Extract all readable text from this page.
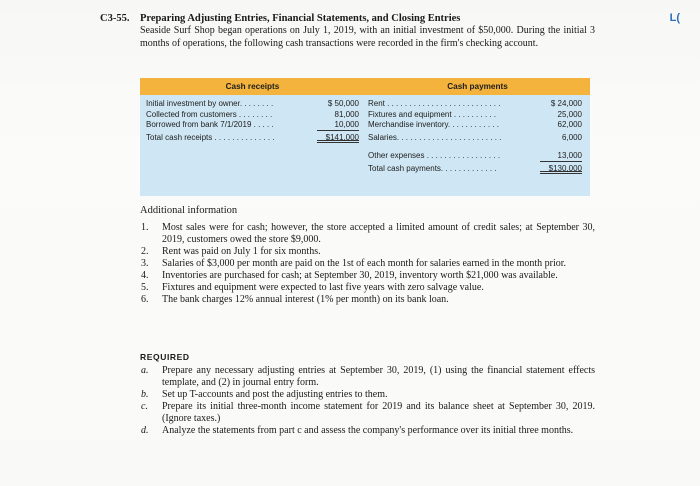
L(
C3-55. Preparing Adjusting Entries, Financial Statements, and Closing Entries
Seaside Surf Shop began operations on July 1, 2019, with an initial investment of $50,000. During the initial 3 months of operations, the following cash transactions were recorded in the firm's checking account.
Cash receipts	Cash payments
Initial investment by owner. . . . . . . .	$ 50,000
Collected from customers . . . . . . . .	81,000
Borrowed from bank 7/1/2019 . . . . .	10,000
Total cash receipts . . . . . . . . . . . . . .	$141,000
Rent . . . . . . . . . . . . . . . . . . . . . . . . . .	$ 24,000
Fixtures and equipment . . . . . . . . . .	25,000
Merchandise inventory. . . . . . . . . . . .	62,000
Salaries. . . . . . . . . . . . . . . . . . . . . . . .	6,000
Other expenses . . . . . . . . . . . . . . . . .	13,000
Total cash payments. . . . . . . . . . . . .	$130,000
Additional information
1.	Most sales were for cash; however, the store accepted a limited amount of credit sales; at September 30, 2019, customers owed the store $9,000.
2.	Rent was paid on July 1 for six months.
3.	Salaries of $3,000 per month are paid on the 1st of each month for salaries earned in the month prior.
4.	Inventories are purchased for cash; at September 30, 2019, inventory worth $21,000 was available.
5.	Fixtures and equipment were expected to last five years with zero salvage value.
6.	The bank charges 12% annual interest (1% per month) on its bank loan.
REQUIRED
a.	Prepare any necessary adjusting entries at September 30, 2019, (1) using the financial statement effects template, and (2) in journal entry form.
b.	Set up T-accounts and post the adjusting entries to them.
c.	Prepare its initial three-month income statement for 2019 and its balance sheet at September 30, 2019. (Ignore taxes.)
d.	Analyze the statements from part c and assess the company's performance over its initial three months.
